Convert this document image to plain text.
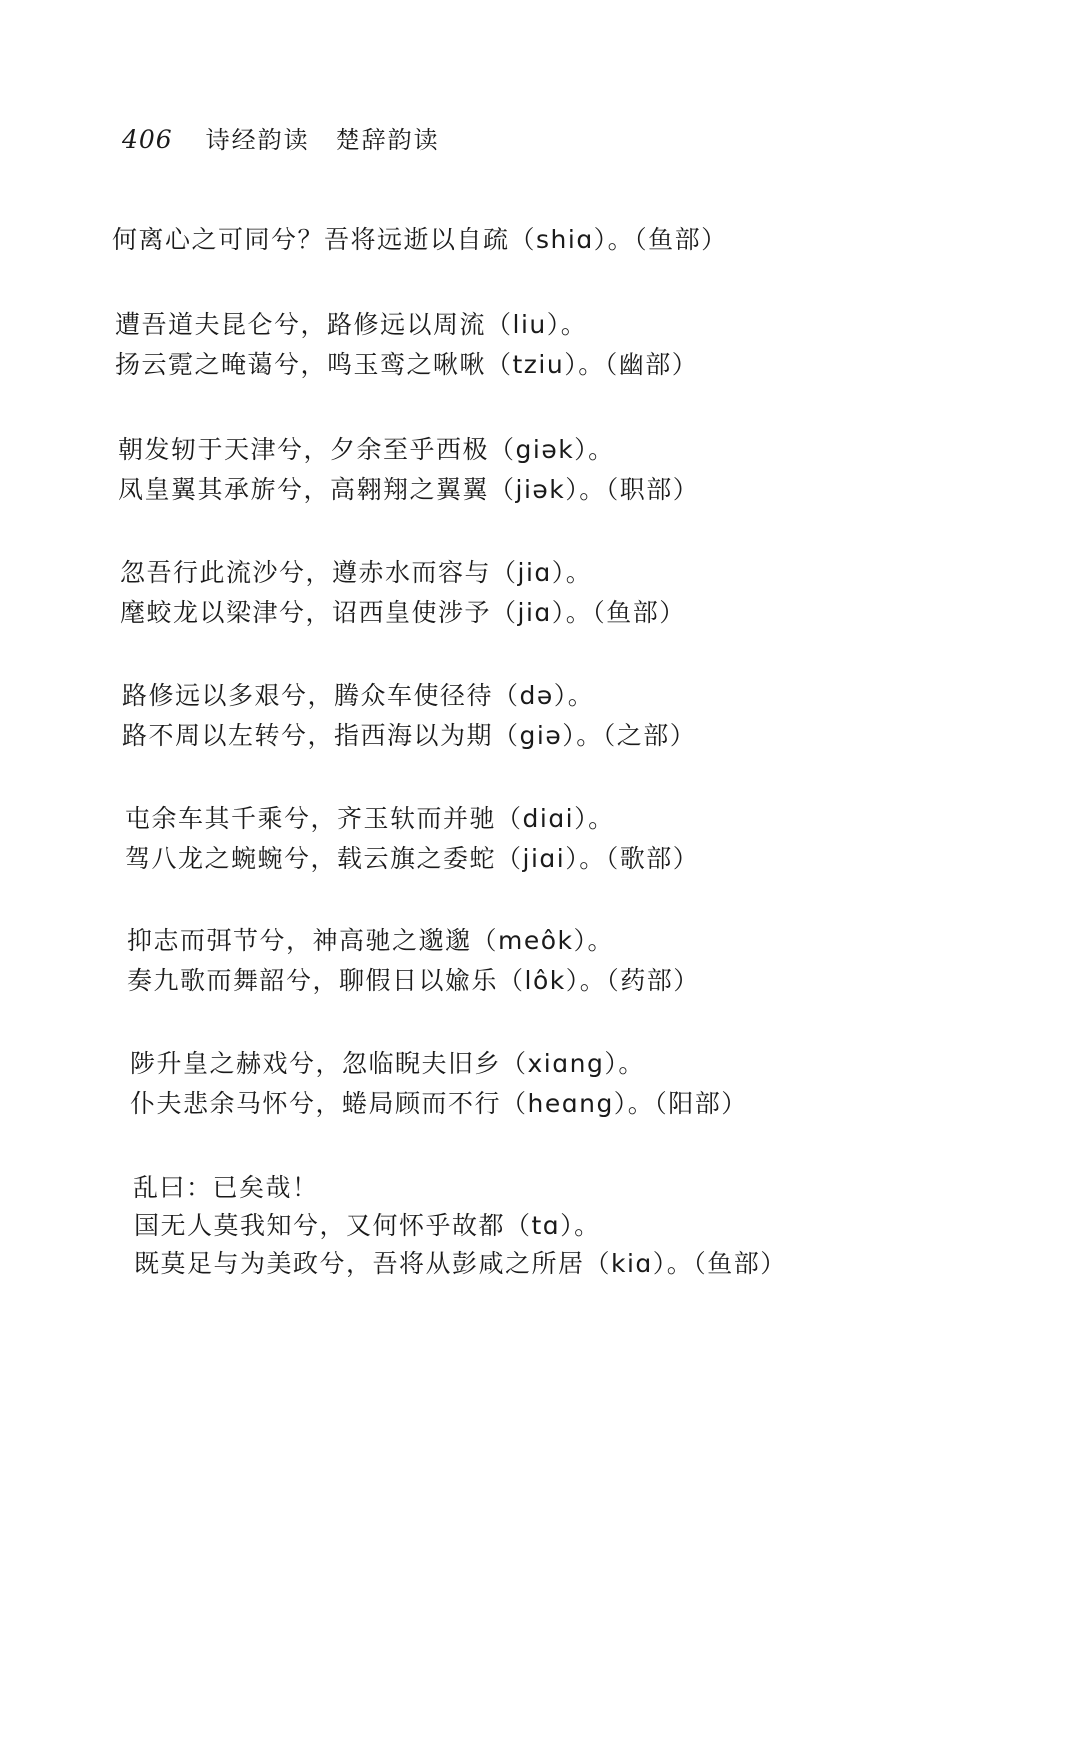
406 诗经韵读　楚辞韵读
何离心之可同兮？吾将远逝以自疏（shiɑ）。（鱼部）
遭吾道夫昆仑兮，路修远以周流（liu）。
扬云霓之晻蔼兮，鸣玉鸾之啾啾（tziu）。（幽部）
朝发轫于天津兮，夕余至乎西极（giək）。
凤皇翼其承旂兮，高翱翔之翼翼（jiək）。（职部）
忽吾行此流沙兮，遵赤水而容与（jiɑ）。
麾蛟龙以梁津兮，诏西皇使涉予（jiɑ）。（鱼部）
路修远以多艰兮，腾众车使径待（də）。
路不周以左转兮，指西海以为期（giə）。（之部）
屯余车其千乘兮，齐玉轪而并驰（diɑi）。
驾八龙之蜿蜿兮，载云旗之委蛇（jiɑi）。（歌部）
抑志而弭节兮，神高驰之邈邈（meôk）。
奏九歌而舞韶兮，聊假日以婾乐（lôk）。（药部）
陟升皇之赫戏兮，忽临睨夫旧乡（xiɑng）。
仆夫悲余马怀兮，蜷局顾而不行（heɑng）。（阳部）
乱曰：已矣哉！
国无人莫我知兮，又何怀乎故都（tɑ）。
既莫足与为美政兮，吾将从彭咸之所居（kiɑ）。（鱼部）
